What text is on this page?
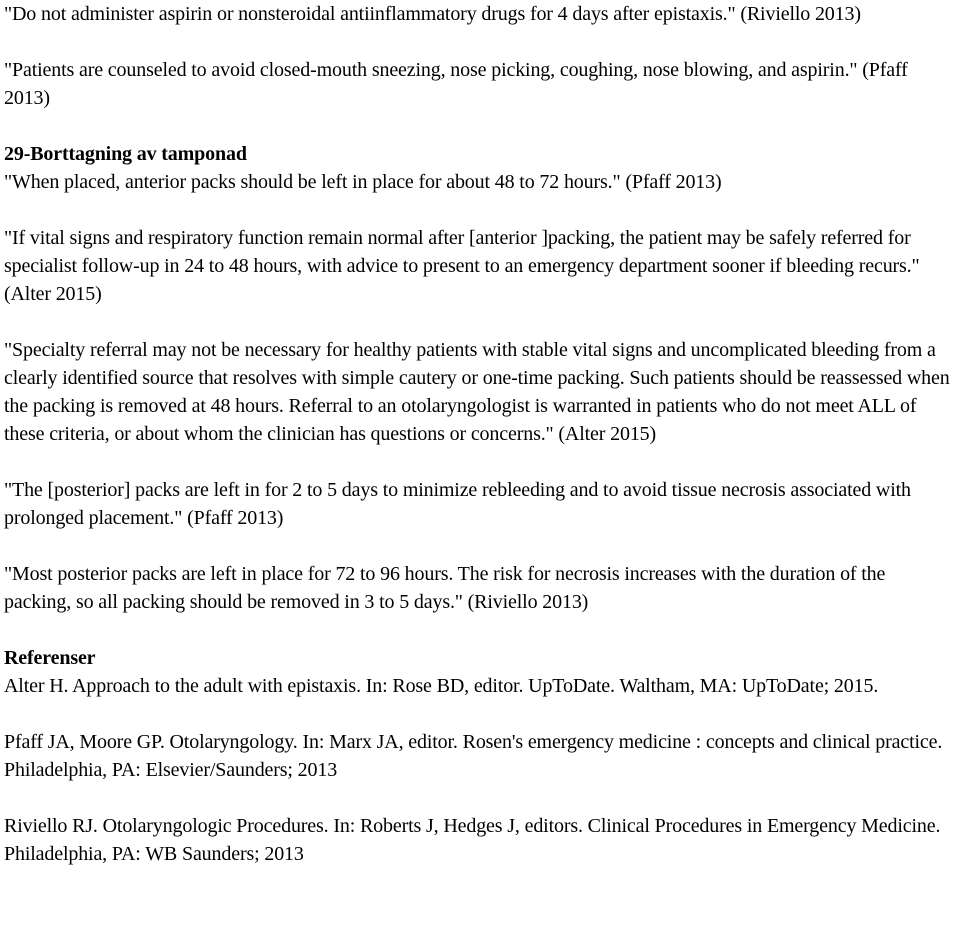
"Do not administer aspirin or nonsteroidal antiinflammatory drugs for 4 days after epistaxis." (Riviello 2013)

"Patients are counseled to avoid closed-mouth sneezing, nose picking, coughing, nose blowing, and aspirin." (Pfaff 2013)

29-Borttagning av tamponad

"When placed, anterior packs should be left in place for about 48 to 72 hours." (Pfaff 2013)

"If vital signs and respiratory function remain normal after [anterior ]packing, the patient may be safely referred for specialist follow-up in 24 to 48 hours, with advice to present to an emergency department sooner if bleeding recurs." (Alter 2015)

"Specialty referral may not be necessary for healthy patients with stable vital signs and uncomplicated bleeding from a clearly identified source that resolves with simple cautery or one-time packing. Such patients should be reassessed when the packing is removed at 48 hours. Referral to an otolaryngologist is warranted in patients who do not meet ALL of these criteria, or about whom the clinician has questions or concerns." (Alter 2015)

"The [posterior] packs are left in for 2 to 5 days to minimize rebleeding and to avoid tissue necrosis associated with prolonged placement." (Pfaff 2013)

"Most posterior packs are left in place for 72 to 96 hours. The risk for necrosis increases with the duration of the packing, so all packing should be removed in 3 to 5 days." (Riviello 2013)

Referenser

Alter H. Approach to the adult with epistaxis. In: Rose BD, editor. UpToDate. Waltham, MA: UpToDate; 2015.

Pfaff JA, Moore GP. Otolaryngology. In: Marx JA, editor. Rosen's emergency medicine : concepts and clinical practice. Philadelphia, PA: Elsevier/Saunders; 2013

Riviello RJ. Otolaryngologic Procedures. In: Roberts J, Hedges J, editors. Clinical Procedures in Emergency Medicine. Philadelphia, PA: WB Saunders; 2013
